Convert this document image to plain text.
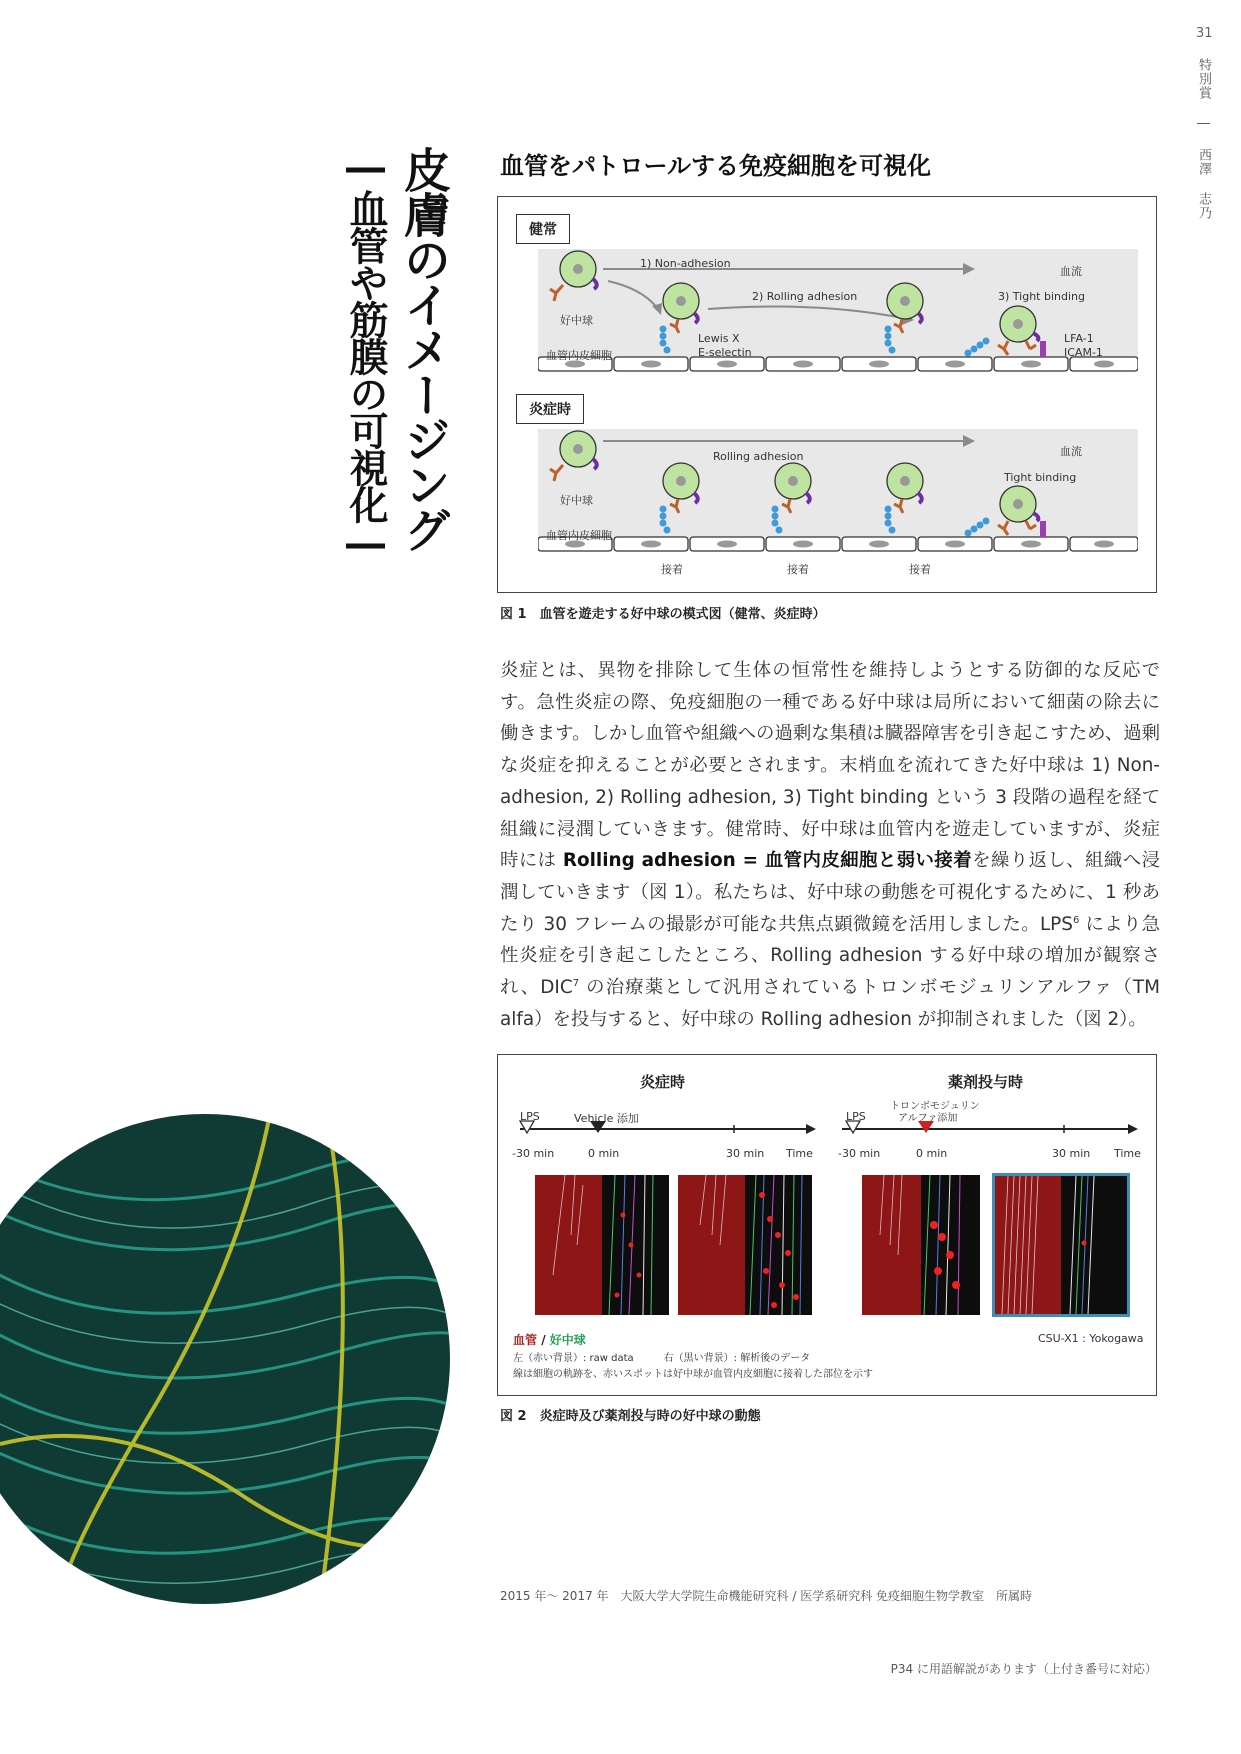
31
特別賞 ― 西澤 志乃
皮膚のイメージング
―血管や筋膜の可視化―	血管をパトロールする免疫細胞を可視化
健常
1) Non-adhesion
2) Rolling adhesion	3) Tight binding
血流
好中球
Lewis X
E-selectin
LFA-1
ICAM-1
血管内皮細胞
炎症時
Rolling adhesion
Tight binding
血流
好中球
血管内皮細胞
接着	接着	接着
図 1　血管を遊走する好中球の模式図（健常、炎症時）

炎症とは、異物を排除して生体の恒常性を維持しようとする防御的な反応です。急性炎症の際、免疫細胞の一種である好中球は局所において細菌の除去に働きます。しかし血管や組織への過剰な集積は臓器障害を引き起こすため、過剰な炎症を抑えることが必要とされます。末梢血を流れてきた好中球は 1) Non-adhesion, 2) Rolling adhesion, 3) Tight binding という 3 段階の過程を経て組織に浸潤していきます。健常時、好中球は血管内を遊走していますが、炎症時には Rolling adhesion = 血管内皮細胞と弱い接着を繰り返し、組織へ浸潤していきます（図 1）。私たちは、好中球の動態を可視化するために、1 秒あたり 30 フレームの撮影が可能な共焦点顕微鏡を活用しました。LPS$^6$ により急性炎症を引き起こしたところ、Rolling adhesion する好中球の増加が観察され、DIC$^7$ の治療薬として汎用されているトロンボモジュリンアルファ（TM alfa）を投与すると、好中球の Rolling adhesion が抑制されました（図 2）。

炎症時	薬剤投与時
LPS	Vehicle 添加	LPS
トロンボモジュリン
アルファ添加
-30 min	0 min	30 min Time -30 min	0 min	30 min Time
血管 / 好中球
左（赤い背景）: raw data　　　右（黒い背景）: 解析後のデータ
線は細胞の軌跡を、赤いスポットは好中球が血管内皮細胞に接着した部位を示す
CSU-X1 : Yokogawa
図 2　炎症時及び薬剤投与時の好中球の動態
2015 年〜 2017 年　大阪大学大学院生命機能研究科 / 医学系研究科 免疫細胞生物学教室　所属時
P34 に用語解説があります（上付き番号に対応）
